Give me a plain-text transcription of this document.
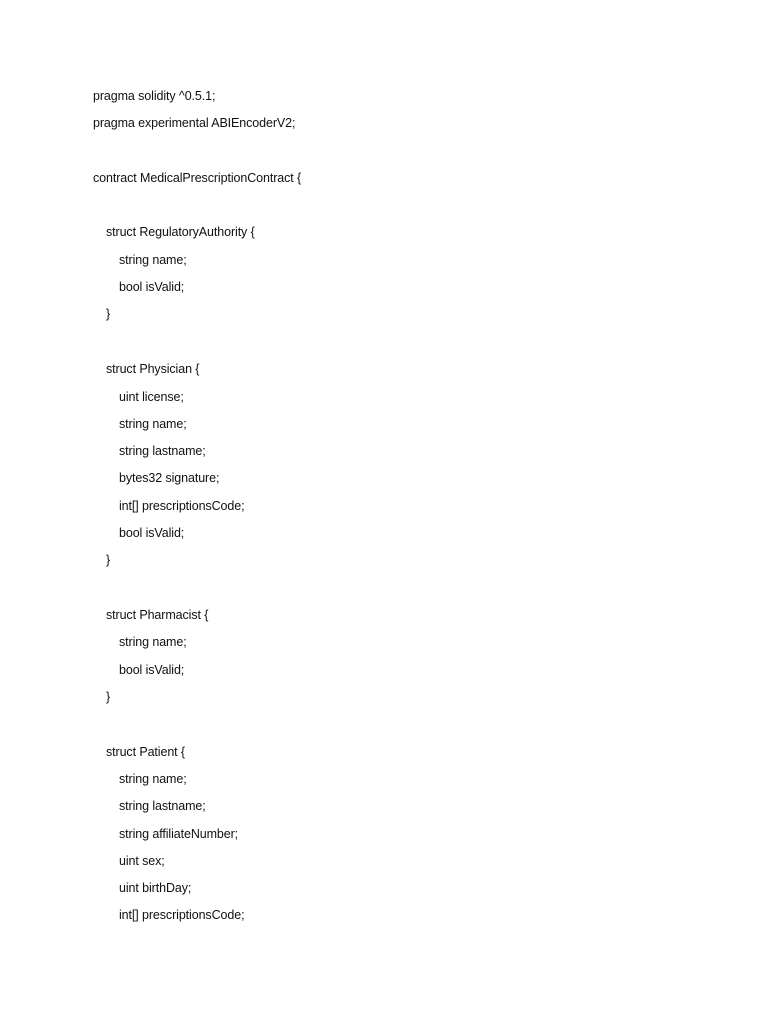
pragma solidity ^0.5.1;
pragma experimental ABIEncoderV2;
contract MedicalPrescriptionContract {
struct RegulatoryAuthority {
string name;
bool isValid;
}
struct Physician {
uint license;
string name;
string lastname;
bytes32 signature;
int[] prescriptionsCode;
bool isValid;
}
struct Pharmacist {
string name;
bool isValid;
}
struct Patient {
string name;
string lastname;
string affiliateNumber;
uint sex;
uint birthDay;
int[] prescriptionsCode;
